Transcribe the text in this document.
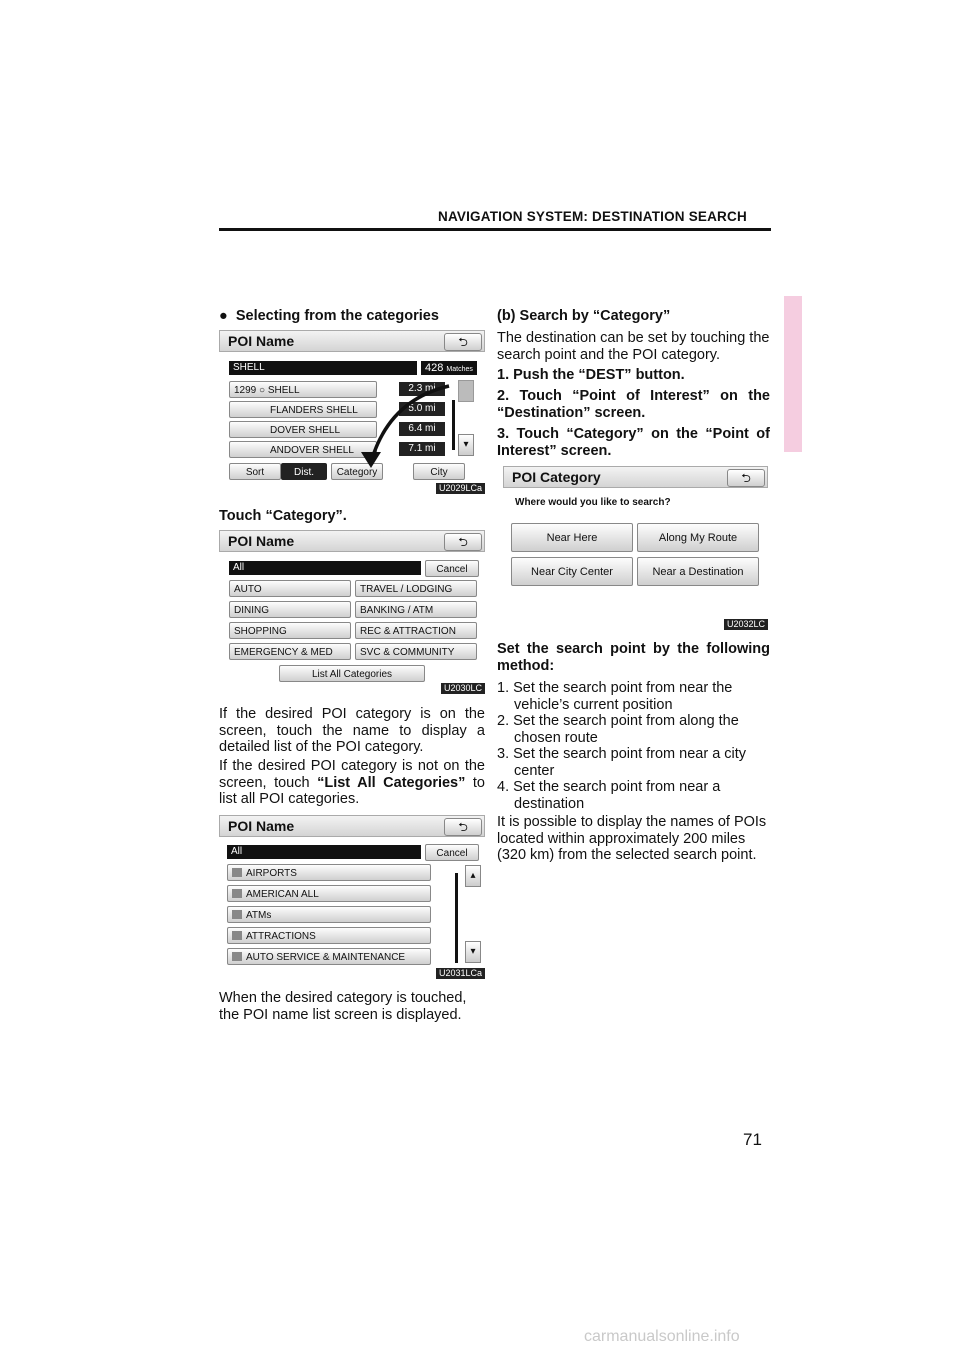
NAVIGATION SYSTEM: DESTINATION SEARCH
● Selecting from the categories
POI Name	⮌
SHELL	428 Matches
1299 ○ SHELL	2.3 mi
FLANDERS SHELL	5.0 mi
DOVER SHELL	6.4 mi
ANDOVER SHELL	7.1 mi	▾
Sort	Dist.	Category	City
U2029LCa
Touch “Category”.
POI Name	⮌
All	Cancel
AUTO	TRAVEL / LODGING
DINING	BANKING / ATM
SHOPPING	REC & ATTRACTION
EMERGENCY & MED	SVC & COMMUNITY
List All Categories
U2030LC
If the desired POI category is on the screen, touch the name to display a detailed list of the POI category.
If the desired POI category is not on the screen, touch “List All Categories” to list all POI categories.
POI Name	⮌
All	Cancel
AIRPORTS
AMERICAN ALL
ATMs
ATTRACTIONS
AUTO SERVICE & MAINTENANCE
▴
▾
U2031LCa
When the desired category is touched, the POI name list screen is displayed.
(b) Search by “Category”
The destination can be set by touching the search point and the POI category.
1. Push the “DEST” button.
2. Touch “Point of Interest” on the “Destination” screen.
3. Touch “Category” on the “Point of Interest” screen.
POI Category	⮌
Where would you like to search?
Near Here	Along My Route
Near City Center	Near a Destination
U2032LC
Set the search point by the following method:
1. Set the search point from near the vehicle’s current position
2. Set the search point from along the chosen route
3. Set the search point from near a city center
4. Set the search point from near a destination
It is possible to display the names of POIs located within approximately 200 miles (320 km) from the selected search point.
71
carmanualsonline.info
